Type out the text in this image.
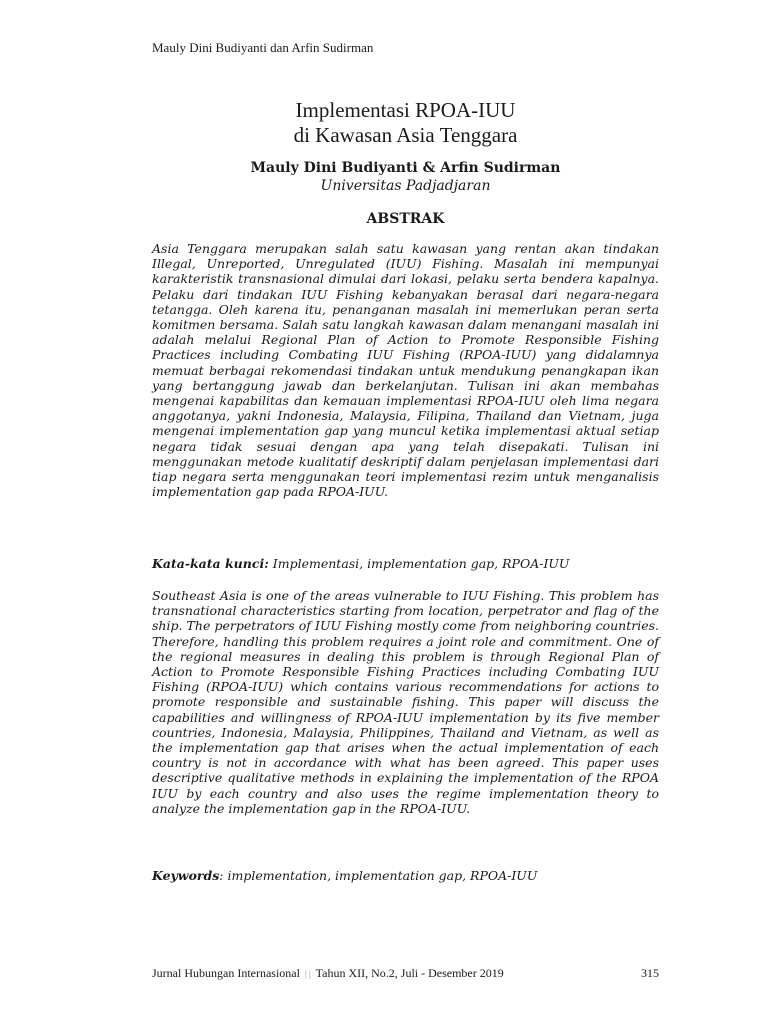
Mauly Dini Budiyanti dan Arfin Sudirman
Implementasi RPOA-IUU
di Kawasan Asia Tenggara
Mauly Dini Budiyanti & Arfin Sudirman
Universitas Padjadjaran
ABSTRAK

Asia Tenggara merupakan salah satu kawasan yang rentan akan tindakan Illegal, Unreported, Unregulated (IUU) Fishing. Masalah ini mempunyai karakteristik transnasional dimulai dari lokasi, pelaku serta bendera kapalnya. Pelaku dari tindakan IUU Fishing kebanyakan berasal dari negara-negara tetangga. Oleh karena itu, penanganan masalah ini memerlukan peran serta komitmen bersama. Salah satu langkah kawasan dalam menangani masalah ini adalah melalui Regional Plan of Action to Promote Responsible Fishing Practices including Combating IUU Fishing (RPOA-IUU) yang didalamnya memuat berbagai rekomendasi tindakan untuk mendukung penangkapan ikan yang bertanggung jawab dan berkelanjutan. Tulisan ini akan membahas mengenai kapabilitas dan kemauan implementasi RPOA-IUU oleh lima negara anggotanya, yakni Indonesia, Malaysia, Filipina, Thailand dan Vietnam, juga mengenai implementation gap yang muncul ketika implementasi aktual setiap negara tidak sesuai dengan apa yang telah disepakati. Tulisan ini menggunakan metode kualitatif deskriptif dalam penjelasan implementasi dari tiap negara serta menggunakan teori implementasi rezim untuk menganalisis implementation gap pada RPOA-IUU.

Kata-kata kunci: Implementasi, implementation gap, RPOA-IUU

Southeast Asia is one of the areas vulnerable to IUU Fishing. This problem has transnational characteristics starting from location, perpetrator and flag of the ship. The perpetrators of IUU Fishing mostly come from neighboring countries. Therefore, handling this problem requires a joint role and commitment. One of the regional measures in dealing this problem is through Regional Plan of Action to Promote Responsible Fishing Practices including Combating IUU Fishing (RPOA-IUU) which contains various recommendations for actions to promote responsible and sustainable fishing. This paper will discuss the capabilities and willingness of RPOA-IUU implementation by its five member countries, Indonesia, Malaysia, Philippines, Thailand and Vietnam, as well as the implementation gap that arises when the actual implementation of each country is not in accordance with what has been agreed. This paper uses descriptive qualitative methods in explaining the implementation of the RPOA IUU by each country and also uses the regime implementation theory to analyze the implementation gap in the RPOA-IUU.

Keywords: implementation, implementation gap, RPOA-IUU

Jurnal Hubungan Internasional | | Tahun XII, No.2, Juli - Desember 2019	315
